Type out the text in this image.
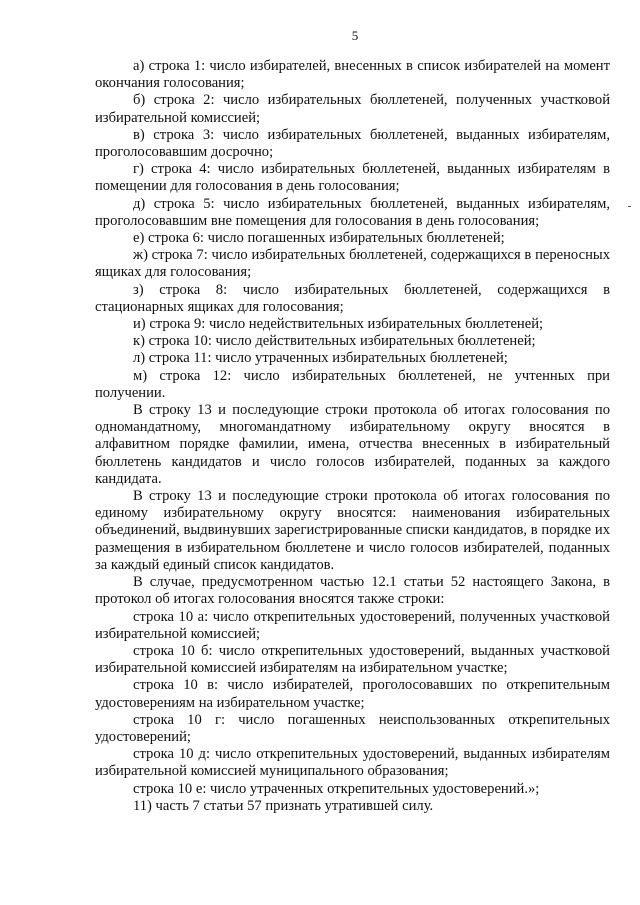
5

а) строка 1: число избирателей, внесенных в список избирателей на момент окончания голосования;

б) строка 2: число избирательных бюллетеней, полученных участковой избирательной комиссией;

в) строка 3: число избирательных бюллетеней, выданных избирателям, проголосовавшим досрочно;

г) строка 4: число избирательных бюллетеней, выданных избирателям в помещении для голосования в день голосования;

д) строка 5: число избирательных бюллетеней, выданных избирателям, проголосовавшим вне помещения для голосования в день голосования;

е) строка 6: число погашенных избирательных бюллетеней;

ж) строка 7: число избирательных бюллетеней, содержащихся в переносных ящиках для голосования;

з) строка 8: число избирательных бюллетеней, содержащихся в стационарных ящиках для голосования;

и) строка 9: число недействительных избирательных бюллетеней;

к) строка 10: число действительных избирательных бюллетеней;

л) строка 11: число утраченных избирательных бюллетеней;

м) строка 12: число избирательных бюллетеней, не учтенных при получении.

В строку 13 и последующие строки протокола об итогах голосования по одномандатному, многомандатному избирательному округу вносятся в алфавитном порядке фамилии, имена, отчества внесенных в избирательный бюллетень кандидатов и число голосов избирателей, поданных за каждого кандидата.

В строку 13 и последующие строки протокола об итогах голосования по единому избирательному округу вносятся: наименования избирательных объединений, выдвинувших зарегистрированные списки кандидатов, в порядке их размещения в избирательном бюллетене и число голосов избирателей, поданных за каждый единый список кандидатов.

В случае, предусмотренном частью 12.1 статьи 52 настоящего Закона, в протокол об итогах голосования вносятся также строки:

строка 10 а: число открепительных удостоверений, полученных участковой избирательной комиссией;

строка 10 б: число открепительных удостоверений, выданных участковой избирательной комиссией избирателям на избирательном участке;

строка 10 в: число избирателей, проголосовавших по открепительным удостоверениям на избирательном участке;

строка 10 г: число погашенных неиспользованных открепительных удостоверений;

строка 10 д: число открепительных удостоверений, выданных избирателям избирательной комиссией муниципального образования;

строка 10 е: число утраченных открепительных удостоверений.»;

11) часть 7 статьи 57 признать утратившей силу.
